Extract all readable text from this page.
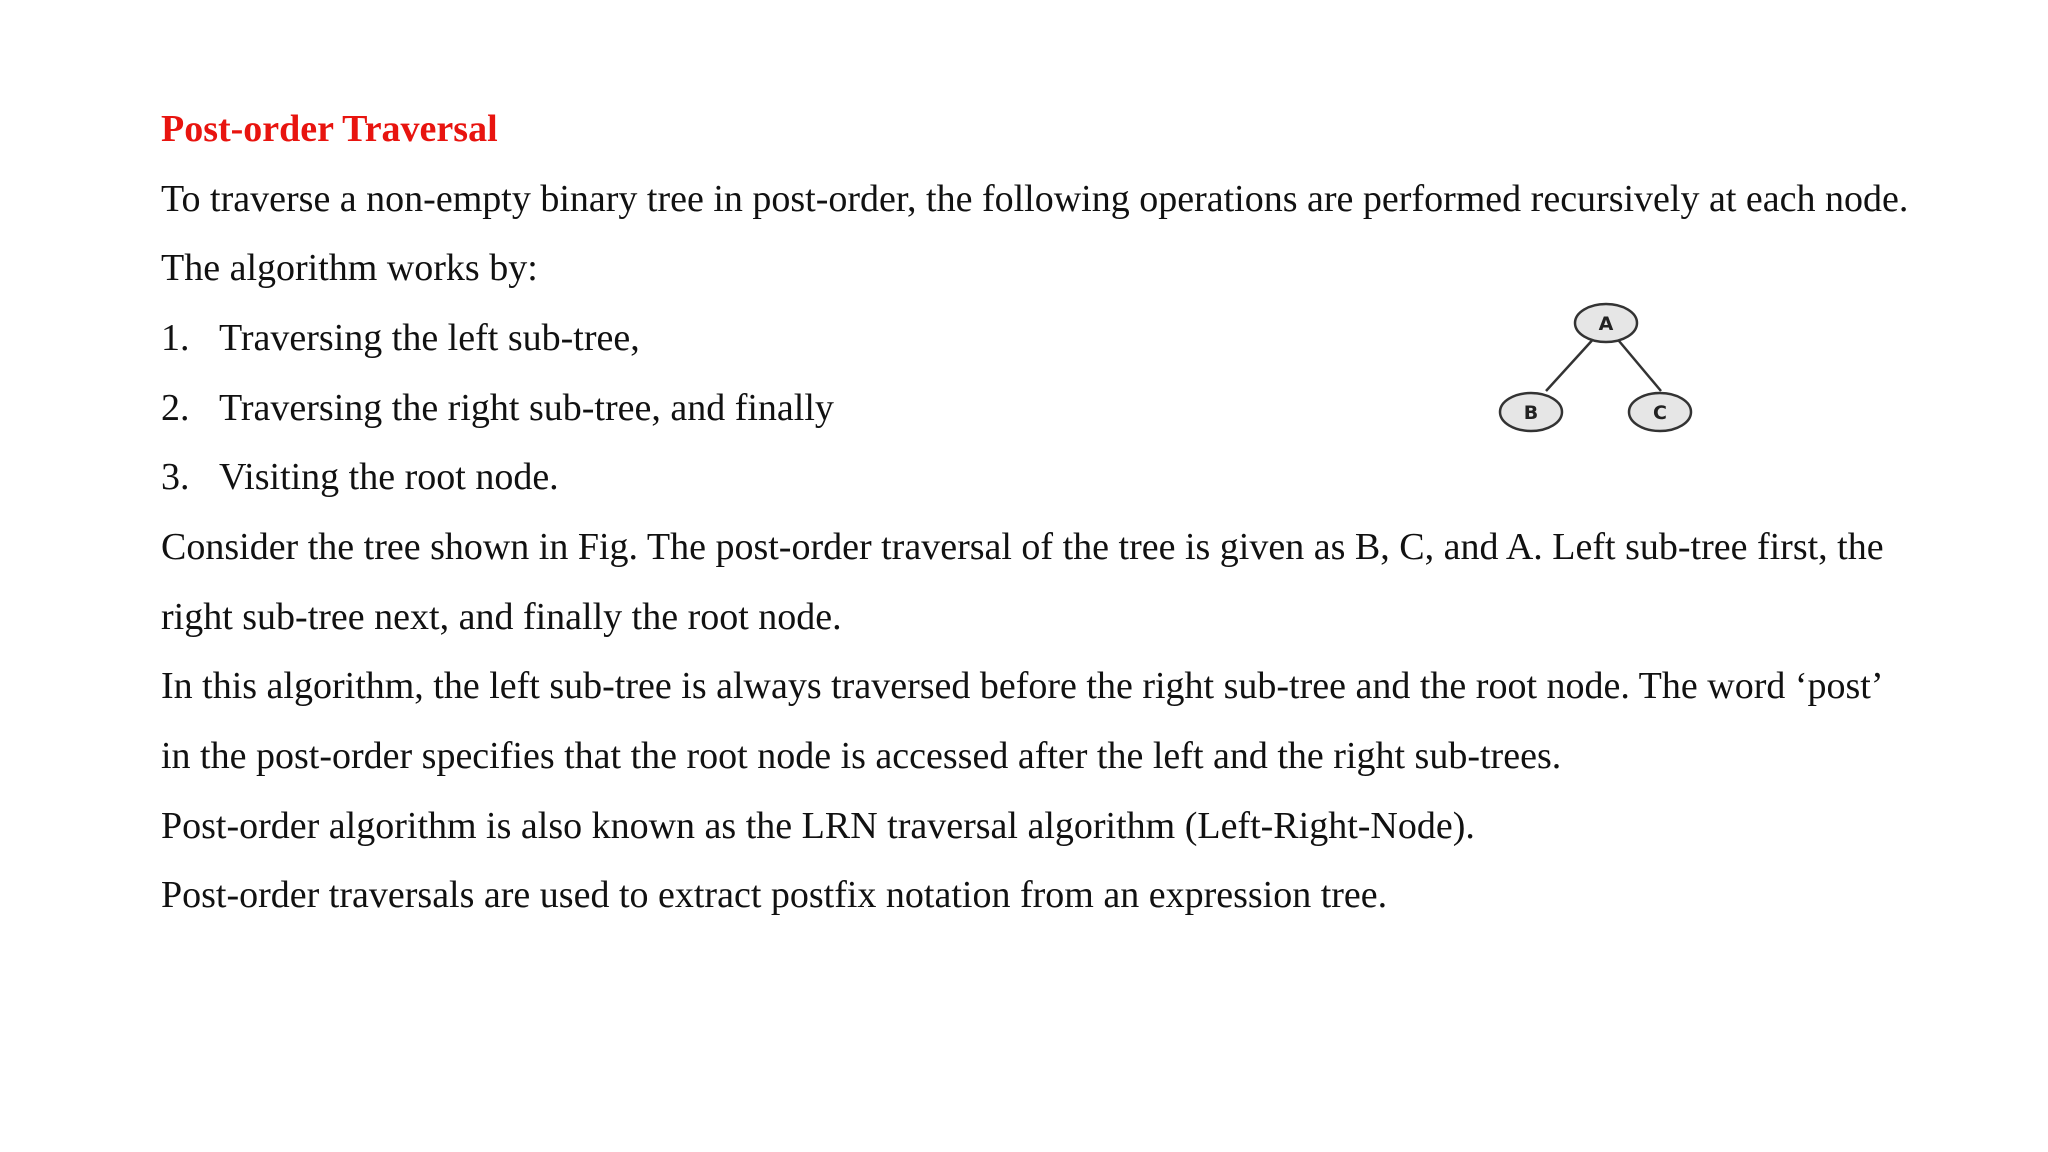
Post-order Traversal
To traverse a non-empty binary tree in post-order, the following operations are performed recursively at each node.
The algorithm works by:
1. Traversing the left sub-tree,
2. Traversing the right sub-tree, and finally
3. Visiting the root node.
Consider the tree shown in Fig. The post-order traversal of the tree is given as B, C, and A. Left sub-tree first, the
right sub-tree next, and finally the root node.
In this algorithm, the left sub-tree is always traversed before the right sub-tree and the root node. The word ‘post’
in the post-order specifies that the root node is accessed after the left and the right sub-trees.
Post-order algorithm is also known as the LRN traversal algorithm (Left-Right-Node).
Post-order traversals are used to extract postfix notation from an expression tree.
A
B	C
